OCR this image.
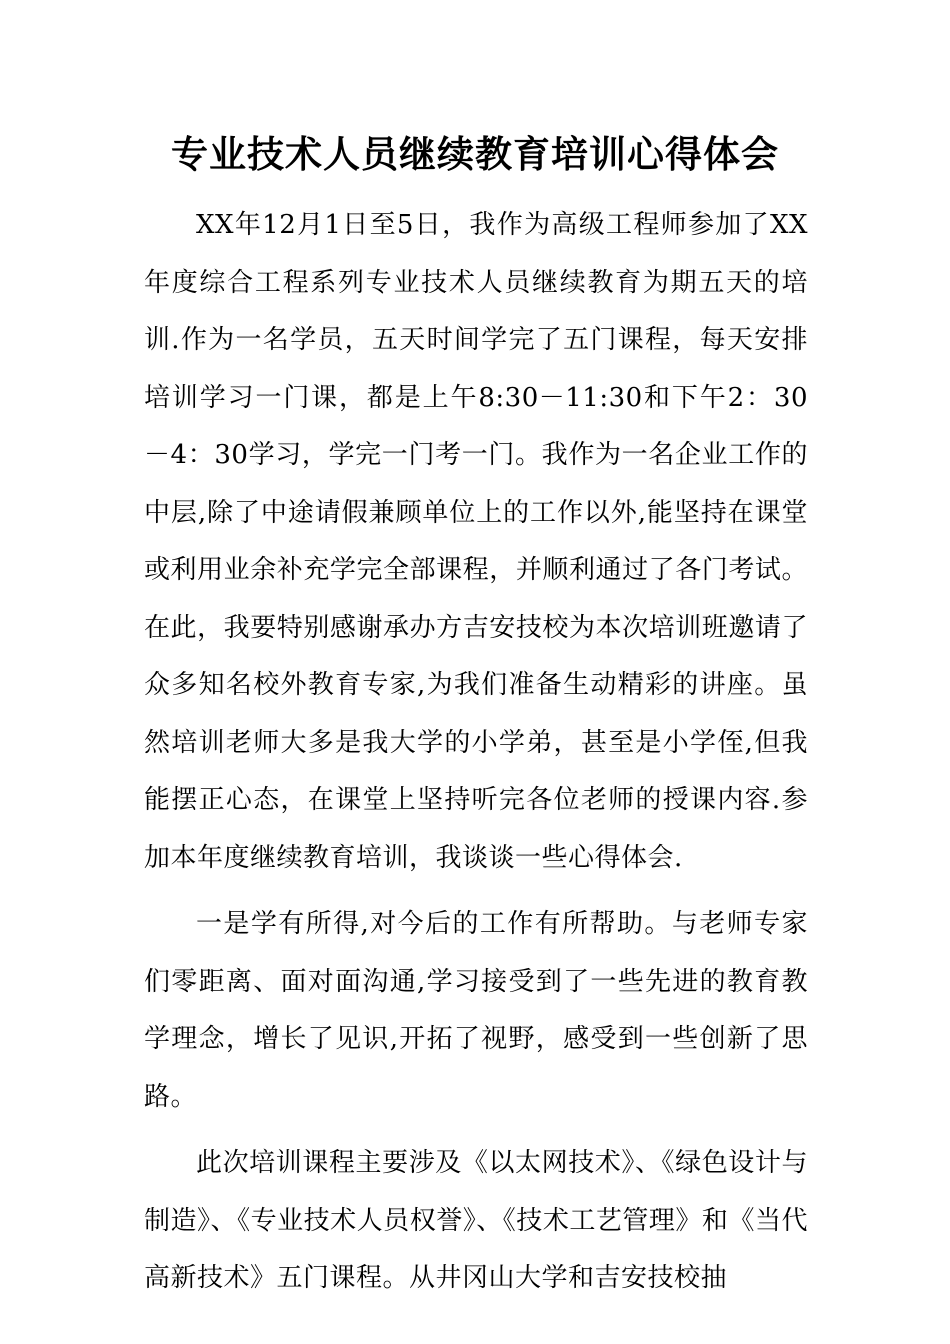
专业技术人员继续教育培训心得体会

XX年12月1日至5日，我作为高级工程师参加了XX年度综合工程系列专业技术人员继续教育为期五天的培训.作为一名学员，五天时间学完了五门课程，每天安排培训学习一门课，都是上午8:30－11:30和下午2：30－4：30学习，学完一门考一门。我作为一名企业工作的中层,除了中途请假兼顾单位上的工作以外,能坚持在课堂或利用业余补充学完全部课程，并顺利通过了各门考试。在此，我要特别感谢承办方吉安技校为本次培训班邀请了众多知名校外教育专家,为我们准备生动精彩的讲座。虽然培训老师大多是我大学的小学弟，甚至是小学侄,但我能摆正心态，在课堂上坚持听完各位老师的授课内容.参加本年度继续教育培训，我谈谈一些心得体会.

一是学有所得,对今后的工作有所帮助。与老师专家们零距离、面对面沟通,学习接受到了一些先进的教育教学理念，增长了见识,开拓了视野，感受到一些创新了思路。

此次培训课程主要涉及《以太网技术》、《绿色设计与制造》、《专业技术人员权誉》、《技术工艺管理》和《当代高新技术》五门课程。从井冈山大学和吉安技校抽
